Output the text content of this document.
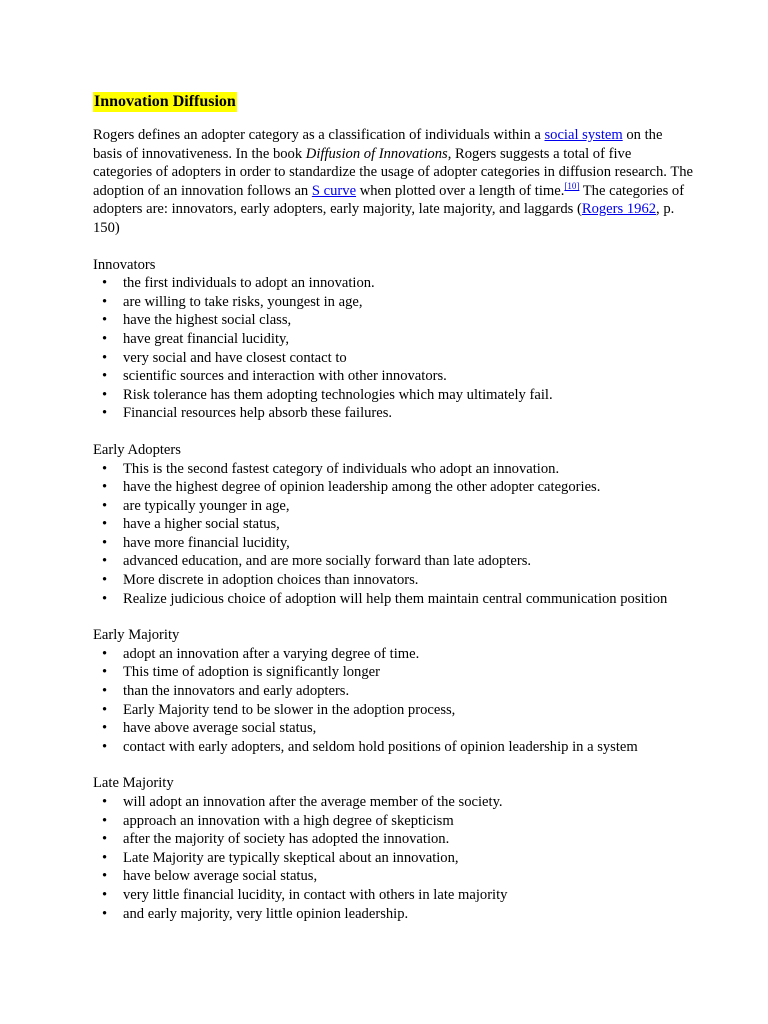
Innovation Diffusion

Rogers defines an adopter category as a classification of individuals within a social system on the basis of innovativeness. In the book Diffusion of Innovations, Rogers suggests a total of five categories of adopters in order to standardize the usage of adopter categories in diffusion research. The adoption of an innovation follows an S curve when plotted over a length of time.[10] The categories of adopters are: innovators, early adopters, early majority, late majority, and laggards (Rogers 1962, p. 150)

Innovators
• the first individuals to adopt an innovation.
• are willing to take risks, youngest in age,
• have the highest social class,
• have great financial lucidity,
• very social and have closest contact to
• scientific sources and interaction with other innovators.
• Risk tolerance has them adopting technologies which may ultimately fail.
• Financial resources help absorb these failures.
Early Adopters
• This is the second fastest category of individuals who adopt an innovation.
• have the highest degree of opinion leadership among the other adopter categories.
• are typically younger in age,
• have a higher social status,
• have more financial lucidity,
• advanced education, and are more socially forward than late adopters.
• More discrete in adoption choices than innovators.
• Realize judicious choice of adoption will help them maintain central communication position
Early Majority
• adopt an innovation after a varying degree of time.
• This time of adoption is significantly longer
• than the innovators and early adopters.
• Early Majority tend to be slower in the adoption process,
• have above average social status,
• contact with early adopters, and seldom hold positions of opinion leadership in a system
Late Majority
• will adopt an innovation after the average member of the society.
• approach an innovation with a high degree of skepticism
• after the majority of society has adopted the innovation.
• Late Majority are typically skeptical about an innovation,
• have below average social status,
• very little financial lucidity, in contact with others in late majority
• and early majority, very little opinion leadership.
